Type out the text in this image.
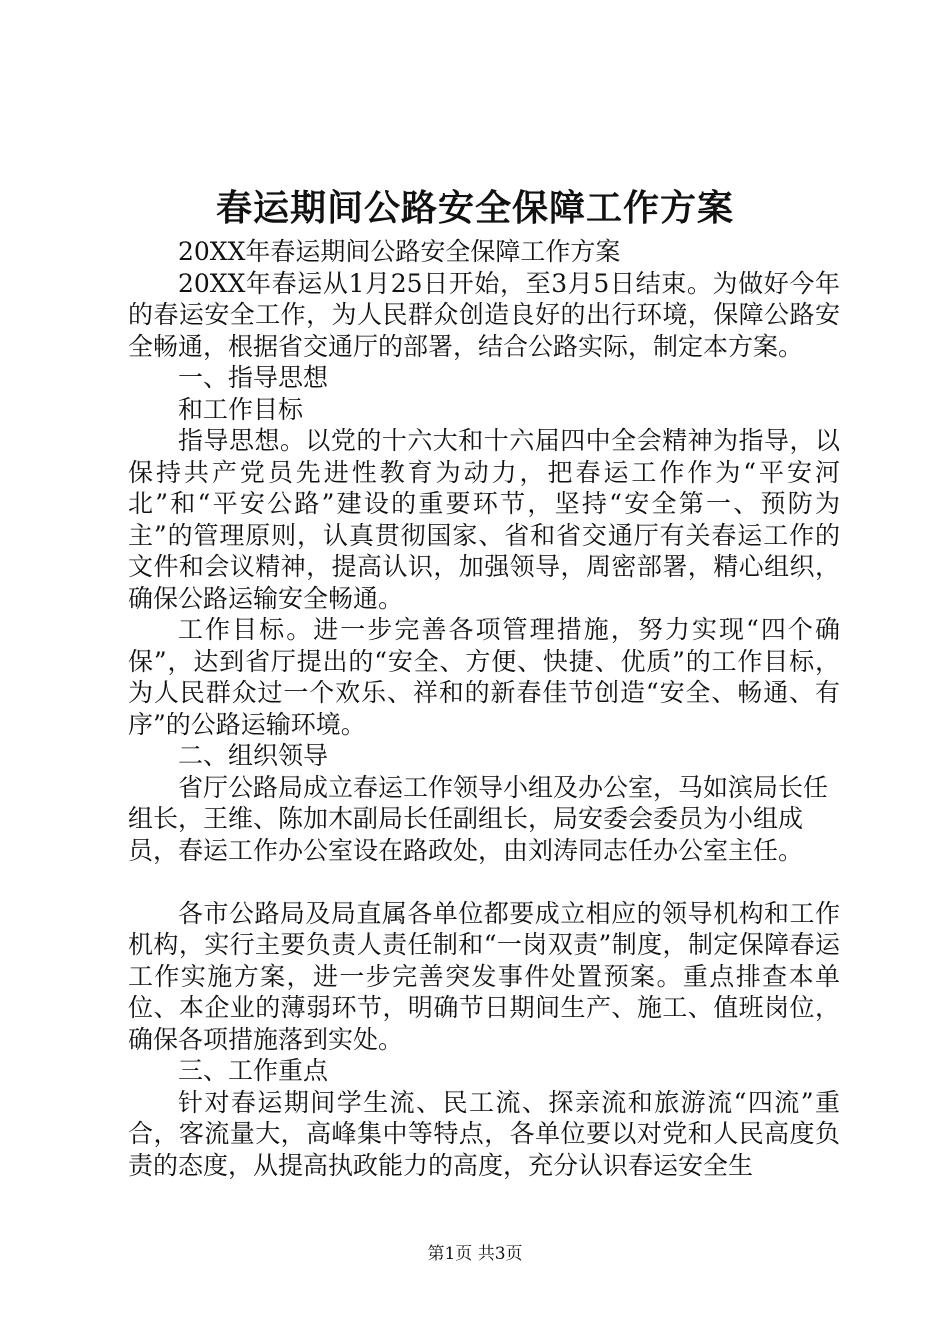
春运期间公路安全保障工作方案

20XX年春运期间公路安全保障工作方案

20XX年春运从1月25日开始，至3月5日结束。为做好今年的春运安全工作，为人民群众创造良好的出行环境，保障公路安全畅通，根据省交通厅的部署，结合公路实际，制定本方案。

一、指导思想

和工作目标

指导思想。以党的十六大和十六届四中全会精神为指导，以保持共产党员先进性教育为动力，把春运工作作为“平安河北”和“平安公路”建设的重要环节，坚持“安全第一、预防为主”的管理原则，认真贯彻国家、省和省交通厅有关春运工作的文件和会议精神，提高认识，加强领导，周密部署，精心组织，确保公路运输安全畅通。

工作目标。进一步完善各项管理措施，努力实现“四个确保”，达到省厅提出的“安全、方便、快捷、优质”的工作目标，为人民群众过一个欢乐、祥和的新春佳节创造“安全、畅通、有序”的公路运输环境。

二、组织领导

省厅公路局成立春运工作领导小组及办公室，马如滨局长任组长，王维、陈加木副局长任副组长，局安委会委员为小组成员，春运工作办公室设在路政处，由刘涛同志任办公室主任。

各市公路局及局直属各单位都要成立相应的领导机构和工作机构，实行主要负责人责任制和“一岗双责”制度，制定保障春运工作实施方案，进一步完善突发事件处置预案。重点排查本单位、本企业的薄弱环节，明确节日期间生产、施工、值班岗位，确保各项措施落到实处。

三、工作重点

针对春运期间学生流、民工流、探亲流和旅游流“四流”重合，客流量大，高峰集中等特点，各单位要以对党和人民高度负责的态度，从提高执政能力的高度，充分认识春运安全生

第1页 共3页
